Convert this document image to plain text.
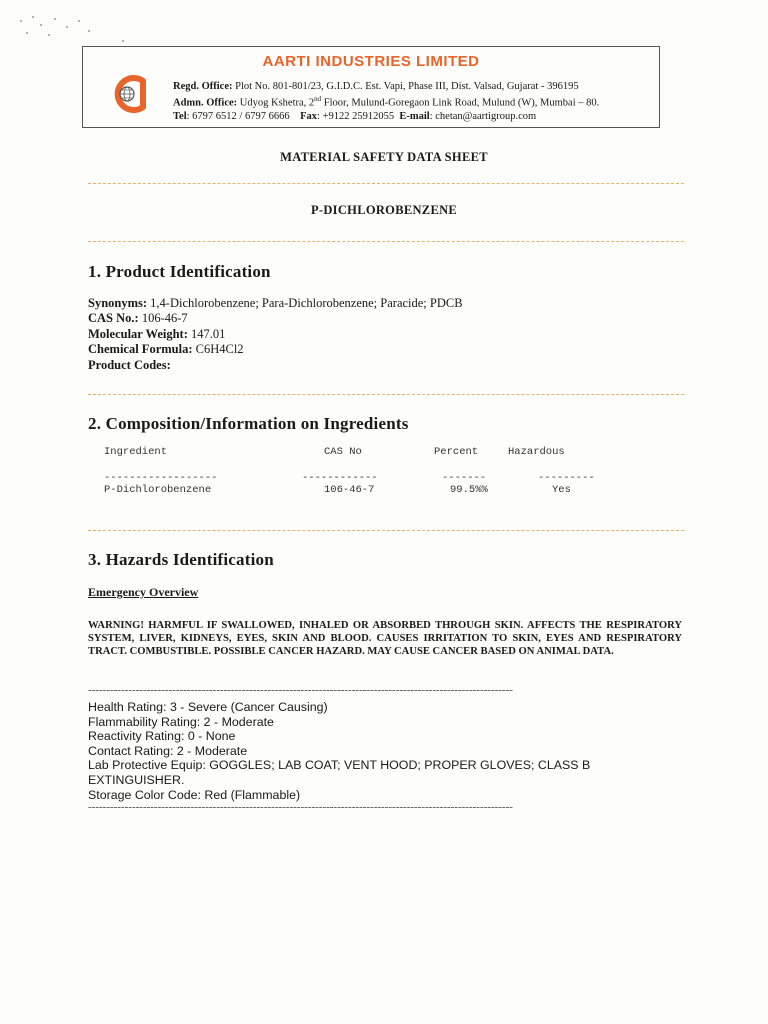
AARTI INDUSTRIES LIMITED
Regd. Office: Plot No. 801-801/23, G.I.D.C. Est. Vapi, Phase III, Dist. Valsad, Gujarat - 396195
Admn. Office: Udyog Kshetra, 2nd Floor, Mulund-Goregaon Link Road, Mulund (W), Mumbai – 80.
Tel: 6797 6512 / 6797 6666 Fax: +9122 25912055 E-mail: chetan@aartigroup.com
MATERIAL SAFETY DATA SHEET
P-DICHLOROBENZENE
1. Product Identification
Synonyms: 1,4-Dichlorobenzene; Para-Dichlorobenzene; Paracide; PDCB
CAS No.: 106-46-7
Molecular Weight: 147.01
Chemical Formula: C6H4Cl2
Product Codes:
2. Composition/Information on Ingredients
Ingredient	CAS No	Percent	Hazardous
------------------	------------	-------	---------
P-Dichlorobenzene	106-46-7	99.5%%	Yes
3. Hazards Identification
Emergency Overview
WARNING! HARMFUL IF SWALLOWED, INHALED OR ABSORBED THROUGH SKIN. AFFECTS THE RESPIRATORY SYSTEM, LIVER, KIDNEYS, EYES, SKIN AND BLOOD. CAUSES IRRITATION TO SKIN, EYES AND RESPIRATORY TRACT. COMBUSTIBLE. POSSIBLE CANCER HAZARD. MAY CAUSE CANCER BASED ON ANIMAL DATA.
--------------------------------------------------------------------------------------------------------------------
Health Rating: 3 - Severe (Cancer Causing)
Flammability Rating: 2 - Moderate
Reactivity Rating: 0 - None
Contact Rating: 2 - Moderate
Lab Protective Equip: GOGGLES; LAB COAT; VENT HOOD; PROPER GLOVES; CLASS B EXTINGUISHER.
Storage Color Code: Red (Flammable)
--------------------------------------------------------------------------------------------------------------------
